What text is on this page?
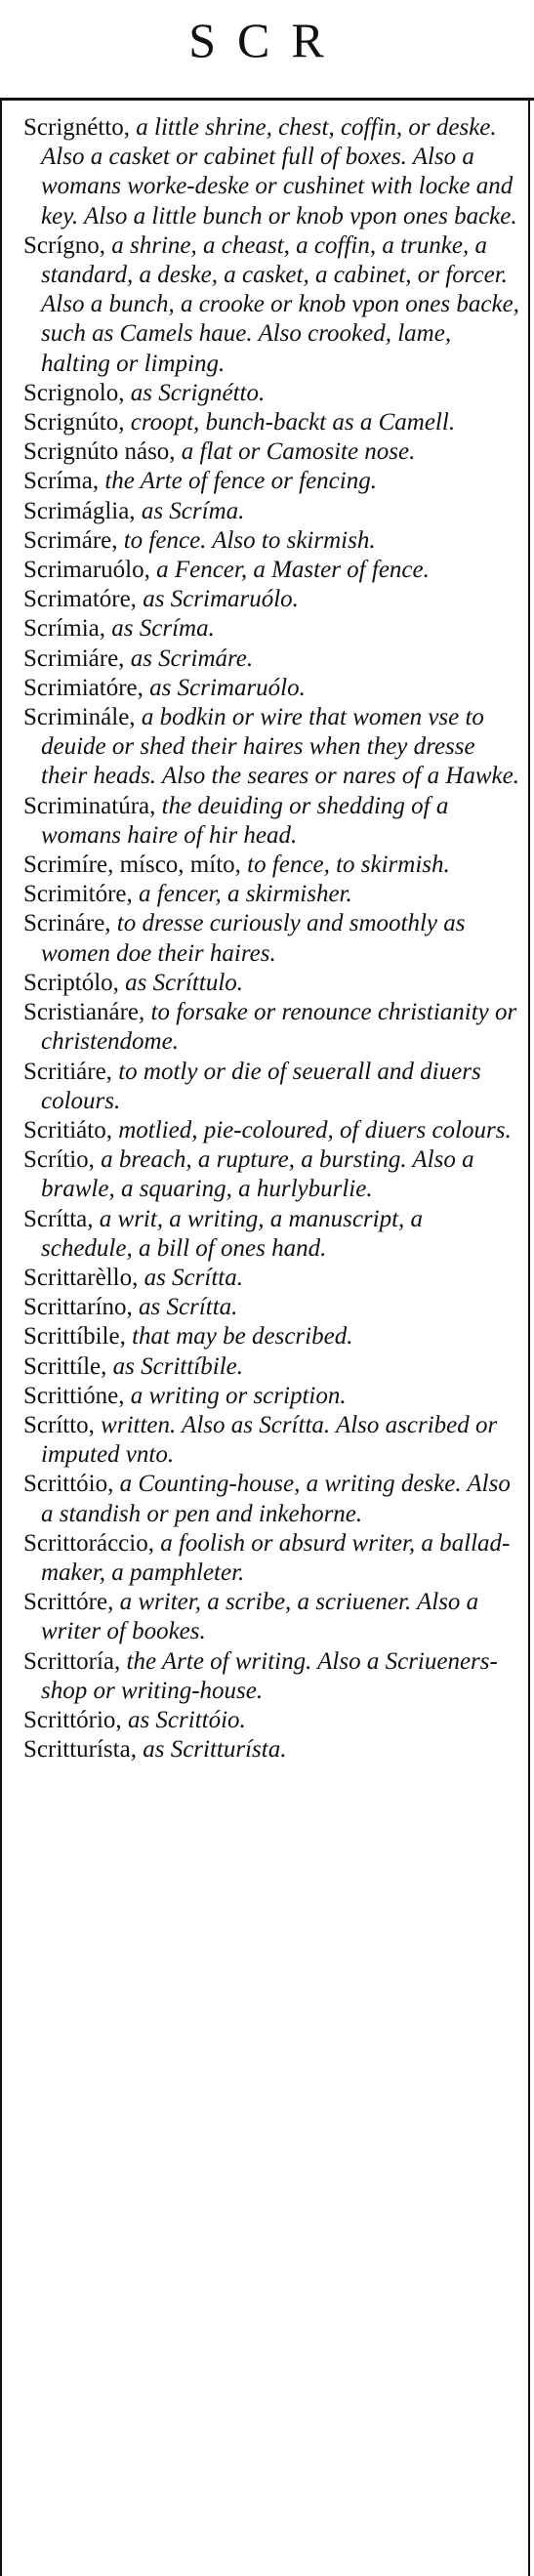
SCR

Scrignétto, a little shrine, chest, coffin, or deske. Also a casket or cabinet full of boxes. Also a womans worke-deske or cushinet with locke and key. Also a little bunch or knob vpon ones backe.

Scrígno, a shrine, a cheast, a coffin, a trunke, a standard, a deske, a casket, a cabinet, or forcer. Also a bunch, a crooke or knob vpon ones backe, such as Camels haue. Also crooked, lame, halting or limping.

Scrignolo, as Scrignétto.

Scrignúto, croopt, bunch-backt as a Camell.

Scrignúto náso, a flat or Camosite nose.

Scríma, the Arte of fence or fencing.

Scrimáglia, as Scríma.

Scrimáre, to fence. Also to skirmish.

Scrimaruólo, a Fencer, a Master of fence.

Scrimatóre, as Scrimaruólo.

Scrímia, as Scríma.

Scrimiáre, as Scrimáre.

Scrimiatóre, as Scrimaruólo.

Scriminále, a bodkin or wire that women vse to deuide or shed their haires when they dresse their heads. Also the seares or nares of a Hawke.

Scriminatúra, the deuiding or shedding of a womans haire of hir head.

Scrimíre, mísco, míto, to fence, to skirmish.

Scrimitóre, a fencer, a skirmisher.

Scrináre, to dresse curiously and smoothly as women doe their haires.

Scriptólo, as Scríttulo.

Scristianáre, to forsake or renounce christianity or christendome.

Scritiáre, to motly or die of seuerall and diuers colours.

Scritiáto, motlied, pie-coloured, of diuers colours.

Scrítio, a breach, a rupture, a bursting. Also a brawle, a squaring, a hurlyburlie.

Scrítta, a writ, a writing, a manuscript, a schedule, a bill of ones hand.

Scrittarèllo, as Scrítta.

Scrittaríno, as Scrítta.

Scrittíbile, that may be described.

Scrittíle, as Scrittíbile.

Scrittióne, a writing or scription.

Scrítto, written. Also as Scrítta. Also ascribed or imputed vnto.

Scrittóio, a Counting-house, a writing deske. Also a standish or pen and inkehorne.

Scrittoráccio, a foolish or absurd writer, a ballad-maker, a pamphleter.

Scrittóre, a writer, a scribe, a scriuener. Also a writer of bookes.

Scrittoría, the Arte of writing. Also a Scriueners-shop or writing-house.

Scrittório, as Scrittóio.

Scritturísta, as Scritturísta.
